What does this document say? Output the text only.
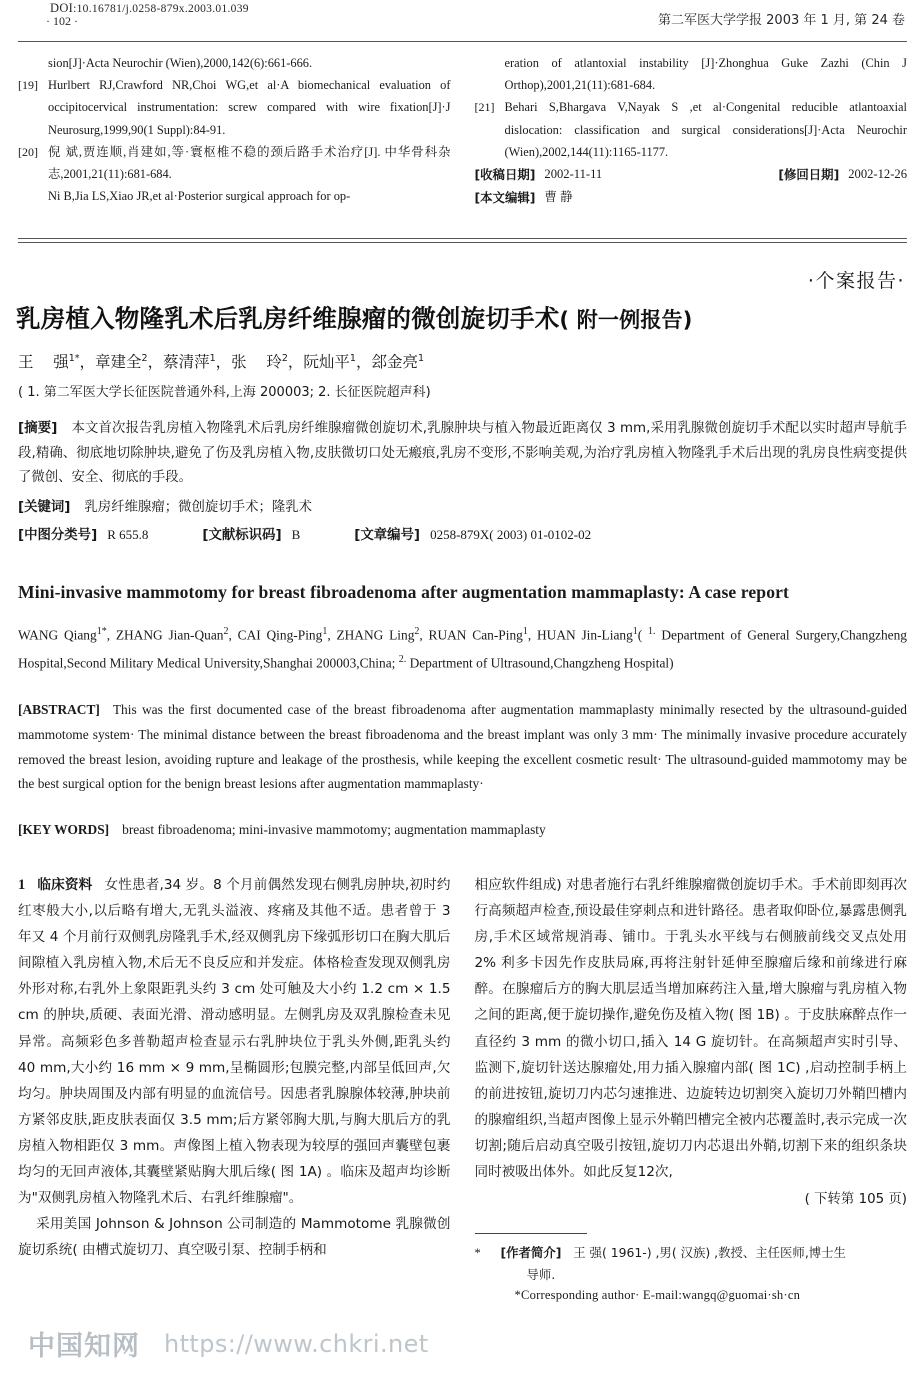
DOI:10.16781/j.0258-879x.2003.01.039
· 102 ·	第二军医大学学报 2003 年 1 月, 第 24 卷
sion[J]·Acta Neurochir (Wien),2000,142(6):661-666.
[19] Hurlbert RJ,Crawford NR,Choi WG,et al·A biomechanical evaluation of occipitocervical instrumentation: screw compared with wire fixation[J]·J Neurosurg,1999,90(1 Suppl):84-91.
[20] 倪 斌,贾连顺,肖建如,等·寰枢椎不稳的颈后路手术治疗[J]. 中华骨科杂志,2001,21(11):681-684.
Ni B,Jia LS,Xiao JR,et al·Posterior surgical approach for op-
eration of atlantoxial instability [J]·Zhonghua Guke Zazhi (Chin J Orthop),2001,21(11):681-684.
[21] Behari S,Bhargava V,Nayak S ,et al·Congenital reducible atlantoaxial dislocation: classification and surgical considerations[J]·Acta Neurochir (Wien),2002,144(11):1165-1177.
[收稿日期] 2002-11-11	[修回日期] 2002-12-26
[本文编辑] 曹 静
·个案报告·
乳房植入物隆乳术后乳房纤维腺瘤的微创旋切手术( 附一例报告)
王    强$^{1*}$，章建全$^2$，蔡清萍$^1$，张    玲$^2$，阮灿平$^1$，郐金亮$^1$
( 1. 第二军医大学长征医院普通外科,上海 200003; 2. 长征医院超声科)
[摘要] 本文首次报告乳房植入物隆乳术后乳房纤维腺瘤微创旋切术,乳腺肿块与植入物最近距离仅 3 mm,采用乳腺微创旋切手术配以实时超声导航手段,精确、彻底地切除肿块,避免了伤及乳房植入物,皮肤微切口处无瘢痕,乳房不变形,不影响美观,为治疗乳房植入物隆乳手术后出现的乳房良性病变提供了微创、安全、彻底的手段。
[关键词] 乳房纤维腺瘤；微创旋切手术；隆乳术
[中图分类号] R 655.8	[文献标识码] B	[文章编号] 0258-879X( 2003) 01-0102-02
Mini-invasive mammotomy for breast fibroadenoma after augmentation mammaplasty: A case report
WANG Qiang$^{1*}$, ZHANG Jian-Quan$^2$, CAI Qing-Ping$^1$, ZHANG Ling$^2$, RUAN Can-Ping$^1$, HUAN Jin-Liang$^1$( $^{1.}$ Department of General Surgery,Changzheng Hospital,Second Military Medical University,Shanghai 200003,China; $^{2.}$ Department of Ultrasound,Changzheng Hospital)
[ABSTRACT] This was the first documented case of the breast fibroadenoma after augmentation mammaplasty minimally resected by the ultrasound-guided mammotome system· The minimal distance between the breast fibroadenoma and the breast implant was only 3 mm· The minimally invasive procedure accurately removed the breast lesion, avoiding rupture and leakage of the prosthesis, while keeping the excellent cosmetic result· The ultrasound-guided mammotomy may be the best surgical option for the benign breast lesions after augmentation mammaplasty·
[KEY WORDS] breast fibroadenoma; mini-invasive mammotomy; augmentation mammaplasty
1 临床资料 女性患者,34 岁。8 个月前偶然发现右侧乳房肿块,初时约红枣般大小,以后略有增大,无乳头溢液、疼痛及其他不适。患者曾于 3 年又 4 个月前行双侧乳房隆乳手术,经双侧乳房下缘弧形切口在胸大肌后间隙植入乳房植入物,术后无不良反应和并发症。体格检查发现双侧乳房外形对称,右乳外上象限距乳头约 3 cm 处可触及大小约 1.2 cm × 1.5 cm 的肿块,质硬、表面光滑、滑动感明显。左侧乳房及双乳腺检查未见异常。高频彩色多普勒超声检查显示右乳肿块位于乳头外侧,距乳头约 40 mm,大小约 16 mm × 9 mm,呈椭圆形;包膜完整,内部呈低回声,欠均匀。肿块周围及内部有明显的血流信号。因患者乳腺腺体较薄,肿块前方紧邻皮肤,距皮肤表面仅 3.5 mm;后方紧邻胸大肌,与胸大肌后方的乳房植入物相距仅 3 mm。声像图上植入物表现为较厚的强回声囊壁包裹均匀的无回声液体,其囊壁紧贴胸大肌后缘( 图 1A) 。临床及超声均诊断为"双侧乳房植入物隆乳术后、右乳纤维腺瘤"。
采用美国 Johnson & Johnson 公司制造的 Mammotome 乳腺微创旋切系统( 由槽式旋切刀、真空吸引泵、控制手柄和
相应软件组成) 对患者施行右乳纤维腺瘤微创旋切手术。手术前即刻再次行高频超声检查,预设最佳穿刺点和进针路径。患者取仰卧位,暴露患侧乳房,手术区域常规消毒、铺巾。于乳头水平线与右侧腋前线交叉点处用 2% 利多卡因先作皮肤局麻,再将注射针延伸至腺瘤后缘和前缘进行麻醉。在腺瘤后方的胸大肌层适当增加麻药注入量,增大腺瘤与乳房植入物之间的距离,便于旋切操作,避免伤及植入物( 图 1B) 。于皮肤麻醉点作一直径约 3 mm 的微小切口,插入 14 G 旋切针。在高频超声实时引导、监测下,旋切针送达腺瘤处,用力插入腺瘤内部( 图 1C) ,启动控制手柄上的前进按钮,旋切刀内芯匀速推进、边旋转边切割突入旋切刀外鞘凹槽内的腺瘤组织,当超声图像上显示外鞘凹槽完全被内芯覆盖时,表示完成一次切割;随后启动真空吸引按钮,旋切刀内芯退出外鞘,切割下来的组织条块同时被吸出体外。如此反复12次,
( 下转第 105 页)
* [作者简介] 王 强( 1961-) ,男( 汉族) ,教授、主任医师,博士生
导师.
*Corresponding author· E-mail:wangq@guomai·sh·cn
中国知网 https://www.chkri.net
